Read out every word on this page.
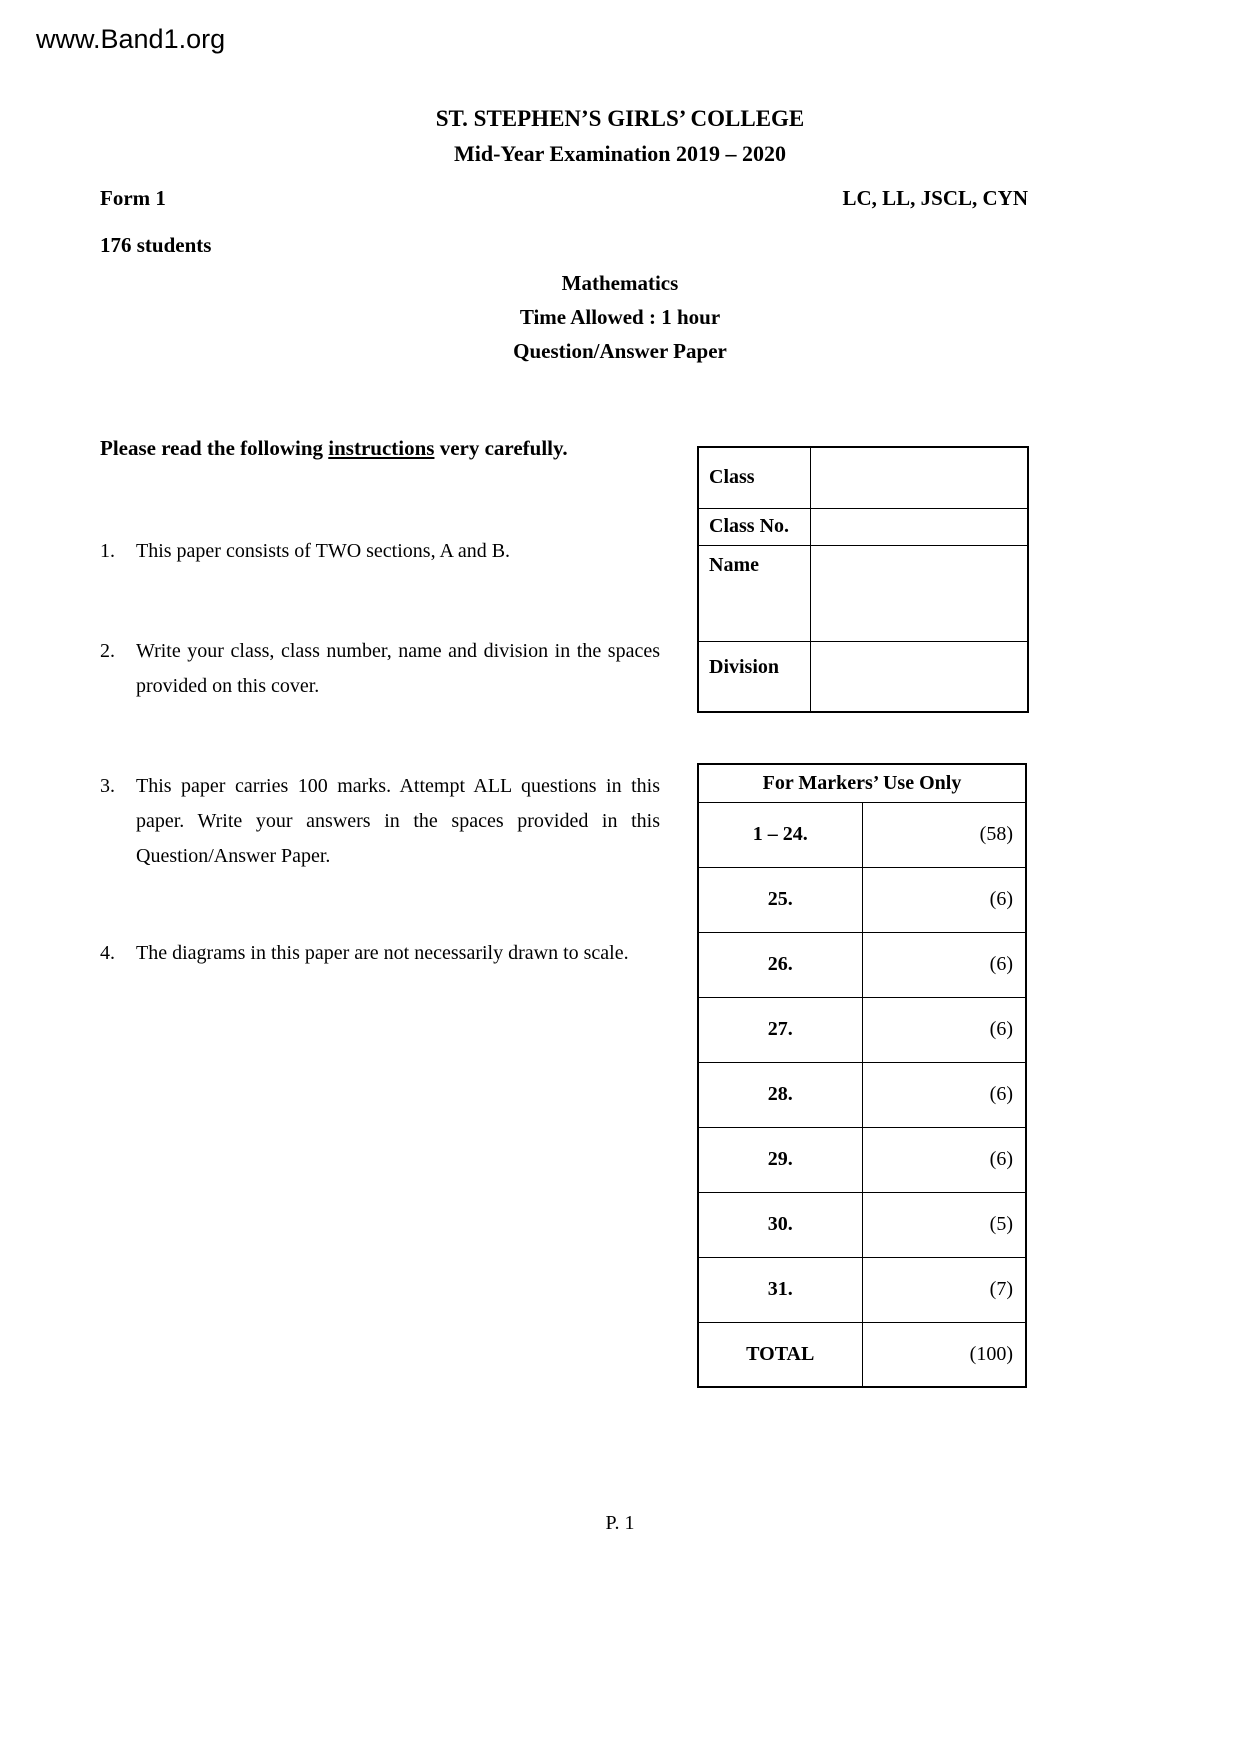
www.Band1.org
ST. STEPHEN’S GIRLS’ COLLEGE
Mid-Year Examination 2019 – 2020
Form 1	LC, LL, JSCL, CYN
176 students
Mathematics
Time Allowed : 1 hour
Question/Answer Paper
Please read the following instructions very carefully.
1.	This paper consists of TWO sections, A and B.
2.	Write your class, class number, name and division in the spaces provided on this cover.
3.	This paper carries 100 marks. Attempt ALL questions in this paper. Write your answers in the spaces provided in this Question/Answer Paper.
4.	The diagrams in this paper are not necessarily drawn to scale.
Class	
Class No.	
Name	
Division	
For Markers’ Use Only	
1 – 24.	(58)
25.	(6)
26.	(6)
27.	(6)
28.	(6)
29.	(6)
30.	(5)
31.	(7)
TOTAL	(100)
P. 1
